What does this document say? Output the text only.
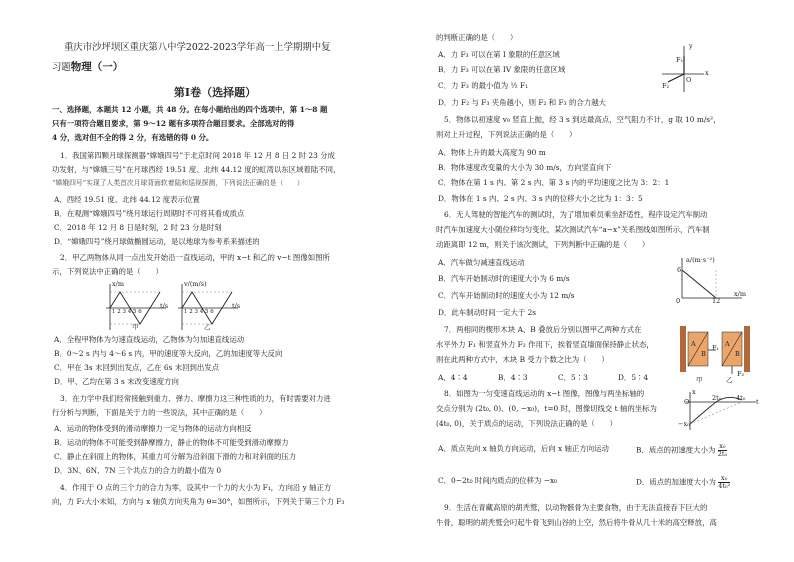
重庆市沙坪坝区重庆第八中学2022-2023学年高一上学期期中复
习题物理（一）
第Ⅰ卷（选择题）
一、选择题，本题共 12 小题，共 48 分。在每小题给出的四个选项中，第 1～8 题
只有一项符合题目要求，第 9～12 题有多项符合题目要求。全部选对的得
4 分，选对但不全的得 2 分，有选错的得 0 分。
1．我国第四颗月球探测器“嫦娥四号”于北京时间 2018 年 12 月 8 日 2 时 23 分成
功发射，与“嫦娥三号”在月球西经 19.51 度、北纬 44.12 度的虹湾以东区域着陆不同，
“嫦娥四号”实现了人类首次月球背面软着陆和巡视探测，下列说法正确的是（　　）
A．西经 19.51 度、北纬 44.12 度表示位置
B．在观测“嫦娥四号”绕月球运行周期时不可将其看成质点
C．2018 年 12 月 8 日是时刻，2 时 23 分是时刻
D．“嫦娥四号”绕月球做椭圆运动，是以地球为参考系来描述的
2．甲乙两物体从同一点出发开始沿一直线运动，甲的 x−t 和乙的 v−t 图像如图所
示，下列说法中正确的是（　　）
A．全程甲物体为匀速直线运动，乙物体为匀加速直线运动
B．0～2 s 内与 4～6 s 内，甲的速度等大反向，乙的加速度等大反向
C．甲在 3s 末回到出发点，乙在 6s 末回到出发点
D．甲、乙均在第 3 s 末改变速度方向
3．在力学中我们经常接触到重力、弹力、摩擦力这三种性质的力，有时需要对力进
行分析与判断，下面是关于力的一些说法，其中正确的是（　　）
A．运动的物体受到的滑动摩擦力一定与物体的运动方向相反
B．运动的物体不可能受到静摩擦力，静止的物体不可能受到滑动摩擦力
C．静止在斜面上的物体，其重力可分解为沿斜面下滑的力和对斜面的压力
D．3N、6N、7N 三个共点力的合力的最小值为 0
4．作用于 O 点的三个力的合力为零，设其中一个力的大小为 F₁，方向沿 y 轴正方
向，力 F₂大小未知，方向与 x 轴负方向夹角为 θ=30°，如图所示，下列关于第三个力 F₃
x/m
t/s
1 2 3 4 5 6
甲
v/(m/s)
t/s
1 2 3 4 5 6
乙
的判断正确的是（　　）
A．力 F₃ 可以在第 I 象限的任意区域
B．力 F₃ 可以在第 IV 象限的任意区域
C．力 F₃ 的最小值为 ½ F₁
D．力 F₂ 与 F₃ 夹角越小，则 F₂ 和 F₃ 的合力越大
5．物体以初速度 v₀ 竖直上抛，经 3 s 到达最高点，空气阻力不计，g 取 10 m/s²，
则对上升过程，下列说法正确的是（　　）
A．物体上升的最大高度为 90 m
B．物体速度改变量的大小为 30 m/s，方向竖直向下
C．物体在第 1 s 内、第 2 s 内、第 3 s 内的平均速度之比为 3：2：1
D．物体在 1 s 内、2 s 内、3 s 内的位移大小之比为 1：3：5
6．无人驾驶的智能汽车的测试时，为了增加乘员乘坐舒适性，程序设定汽车制动
时汽车加速度大小随位移均匀变化，某次测试汽车“a−x”关系图线如图所示，汽车制
动距离即 12 m，则关于该次测试，下列判断中正确的是（　　）
A．汽车做匀减速直线运动
B．汽车开始制动时的速度大小为 6 m/s
C．汽车开始制动时的速度大小为 12 m/s
D．此车制动时间一定大于 2s
7．两相同的楔形木块 A、B 叠放后分别以图甲乙两种方式在
水平外力 F₁ 和竖直外力 F₂ 作用下，挨着竖直墙面保持静止状态，
则在此两种方式中，木块 B 受力个数之比为（　　）
A．4∶4	B．4∶3	C．5∶3	D．5∶4
8．如图为一匀变速直线运动的 x−t 图像，图像与两坐标轴的
交点分别为 (2t₀, 0)、(0, −x₀)，t=0 时，图像切线交 t 轴的坐标为
(4t₀, 0)，关于质点的运动，下列说法正确的是（　　）
A．质点先向 x 轴负方向运动，后向 x 轴正方向运动	B．质点的初速度大小为 $\frac{\text{x₀}}{\text{2t₀}}$
C．0~2t₀ 时间内质点的位移为 −x₀	D．质点的加速度大小为 $\frac{\text{x₀}}{\text{4t₀²}}$
9．生活在青藏高原的胡秃鹫，以动物骸骨为主要食物，由于无法直接吞下巨大的
牛骨，聪明的胡秃鹫会叼起牛骨飞到山谷的上空，然后将牛骨从几十米的高空释放，高
y
x
F₁
O
F₂
a/(m·s⁻²)
6
0	12
x/m
A
B
F₁ A
B
F₂
甲	乙
x
O	2t₀ 4t₀ t
−x₀
